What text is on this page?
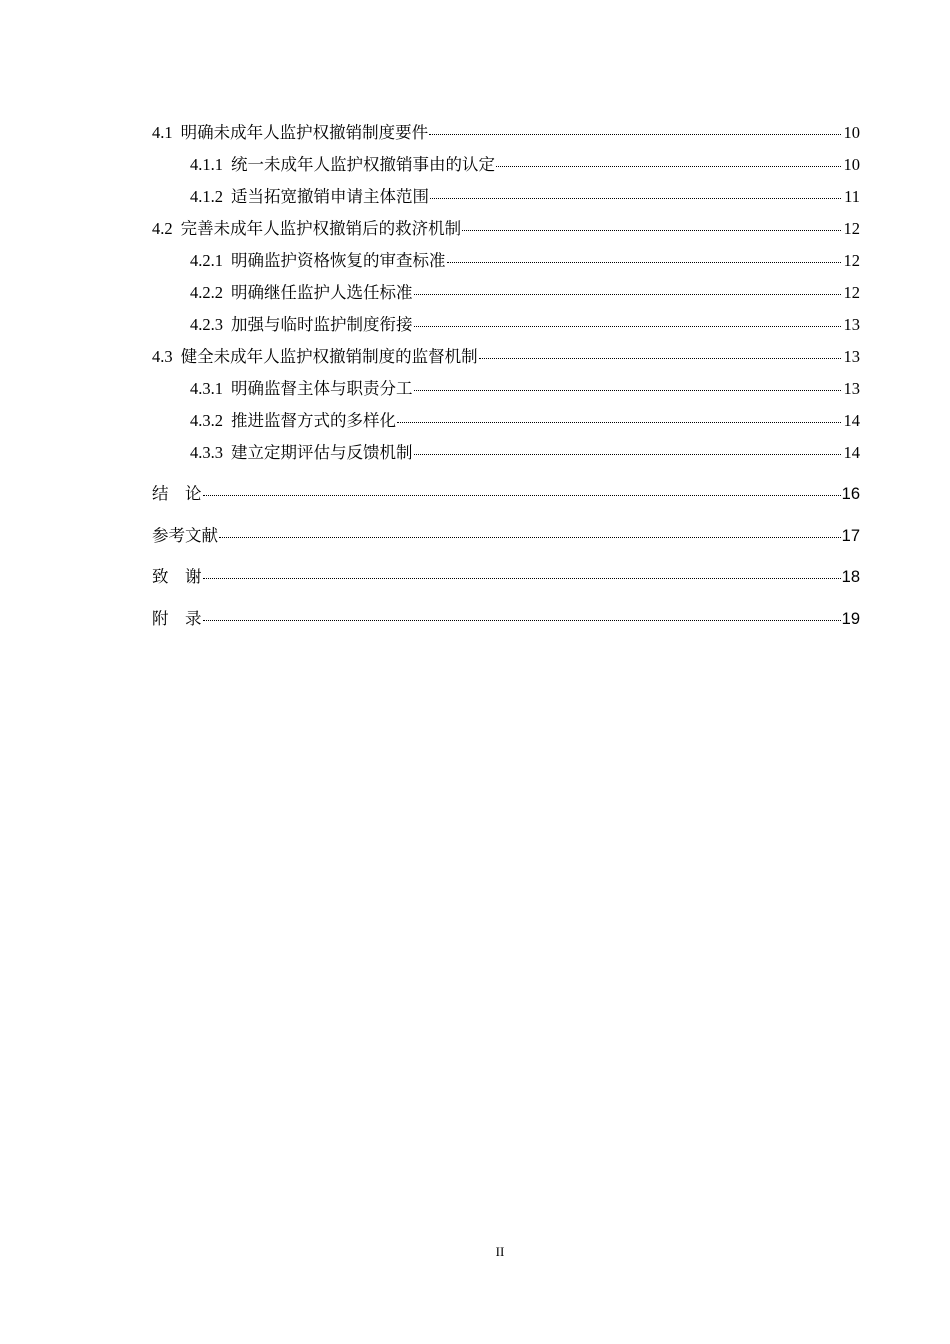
4.1 明确未成年人监护权撤销制度要件	10
4.1.1 统一未成年人监护权撤销事由的认定	10
4.1.2 适当拓宽撤销申请主体范围	11
4.2 完善未成年人监护权撤销后的救济机制	12
4.2.1 明确监护资格恢复的审查标准	12
4.2.2 明确继任监护人选任标准	12
4.2.3 加强与临时监护制度衔接	13
4.3 健全未成年人监护权撤销制度的监督机制	13
4.3.1 明确监督主体与职责分工	13
4.3.2 推进监督方式的多样化	14
4.3.3 建立定期评估与反馈机制	14
结　论	16
参考文献	17
致　谢	18
附　录	19
II
